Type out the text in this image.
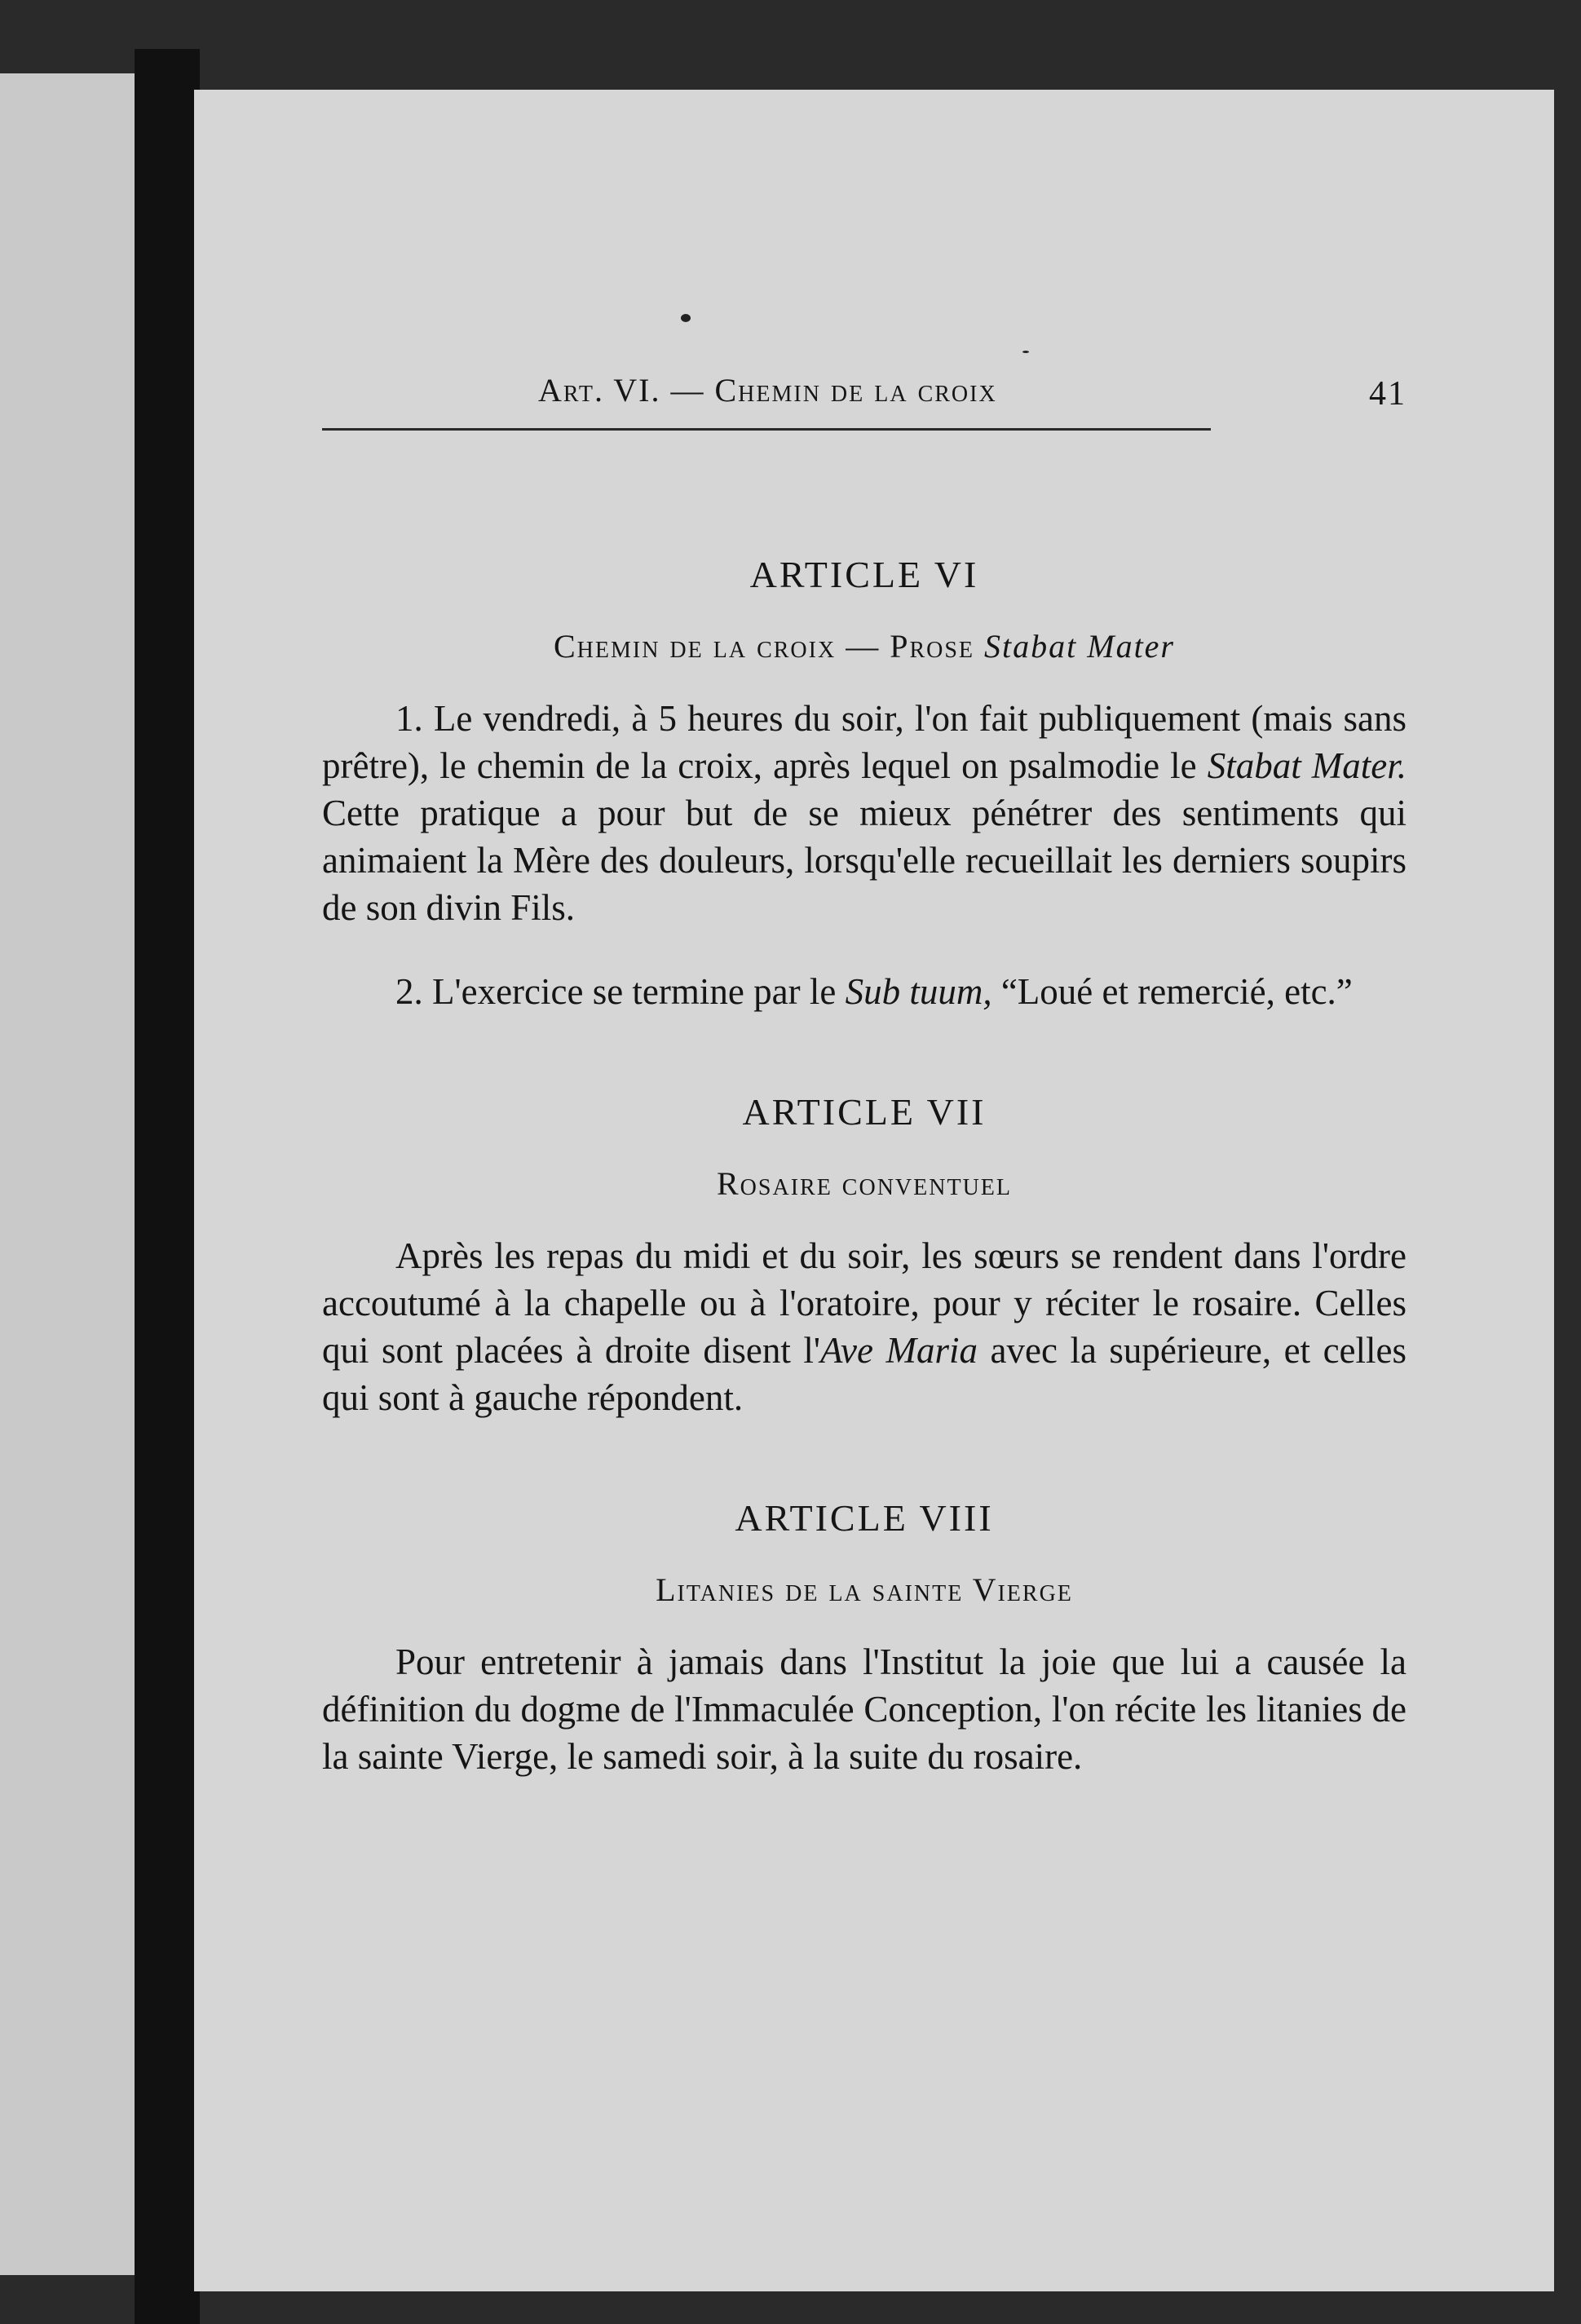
Art. VI. — Chemin de la croix	41
ARTICLE VI
Chemin de la croix — Prose Stabat Mater

1. Le vendredi, à 5 heures du soir, l'on fait publiquement (mais sans prêtre), le chemin de la croix, après lequel on psalmodie le Stabat Mater. Cette pratique a pour but de se mieux pénétrer des sentiments qui animaient la Mère des douleurs, lorsqu'elle recueillait les derniers soupirs de son divin Fils.

2. L'exercice se termine par le Sub tuum, “Loué et remercié, etc.”

ARTICLE VII
Rosaire conventuel

Après les repas du midi et du soir, les sœurs se rendent dans l'ordre accoutumé à la chapelle ou à l'oratoire, pour y réciter le rosaire. Celles qui sont placées à droite disent l'Ave Maria avec la supérieure, et celles qui sont à gauche répondent.

ARTICLE VIII
Litanies de la sainte Vierge

Pour entretenir à jamais dans l'Institut la joie que lui a causée la définition du dogme de l'Immaculée Conception, l'on récite les litanies de la sainte Vierge, le samedi soir, à la suite du rosaire.
